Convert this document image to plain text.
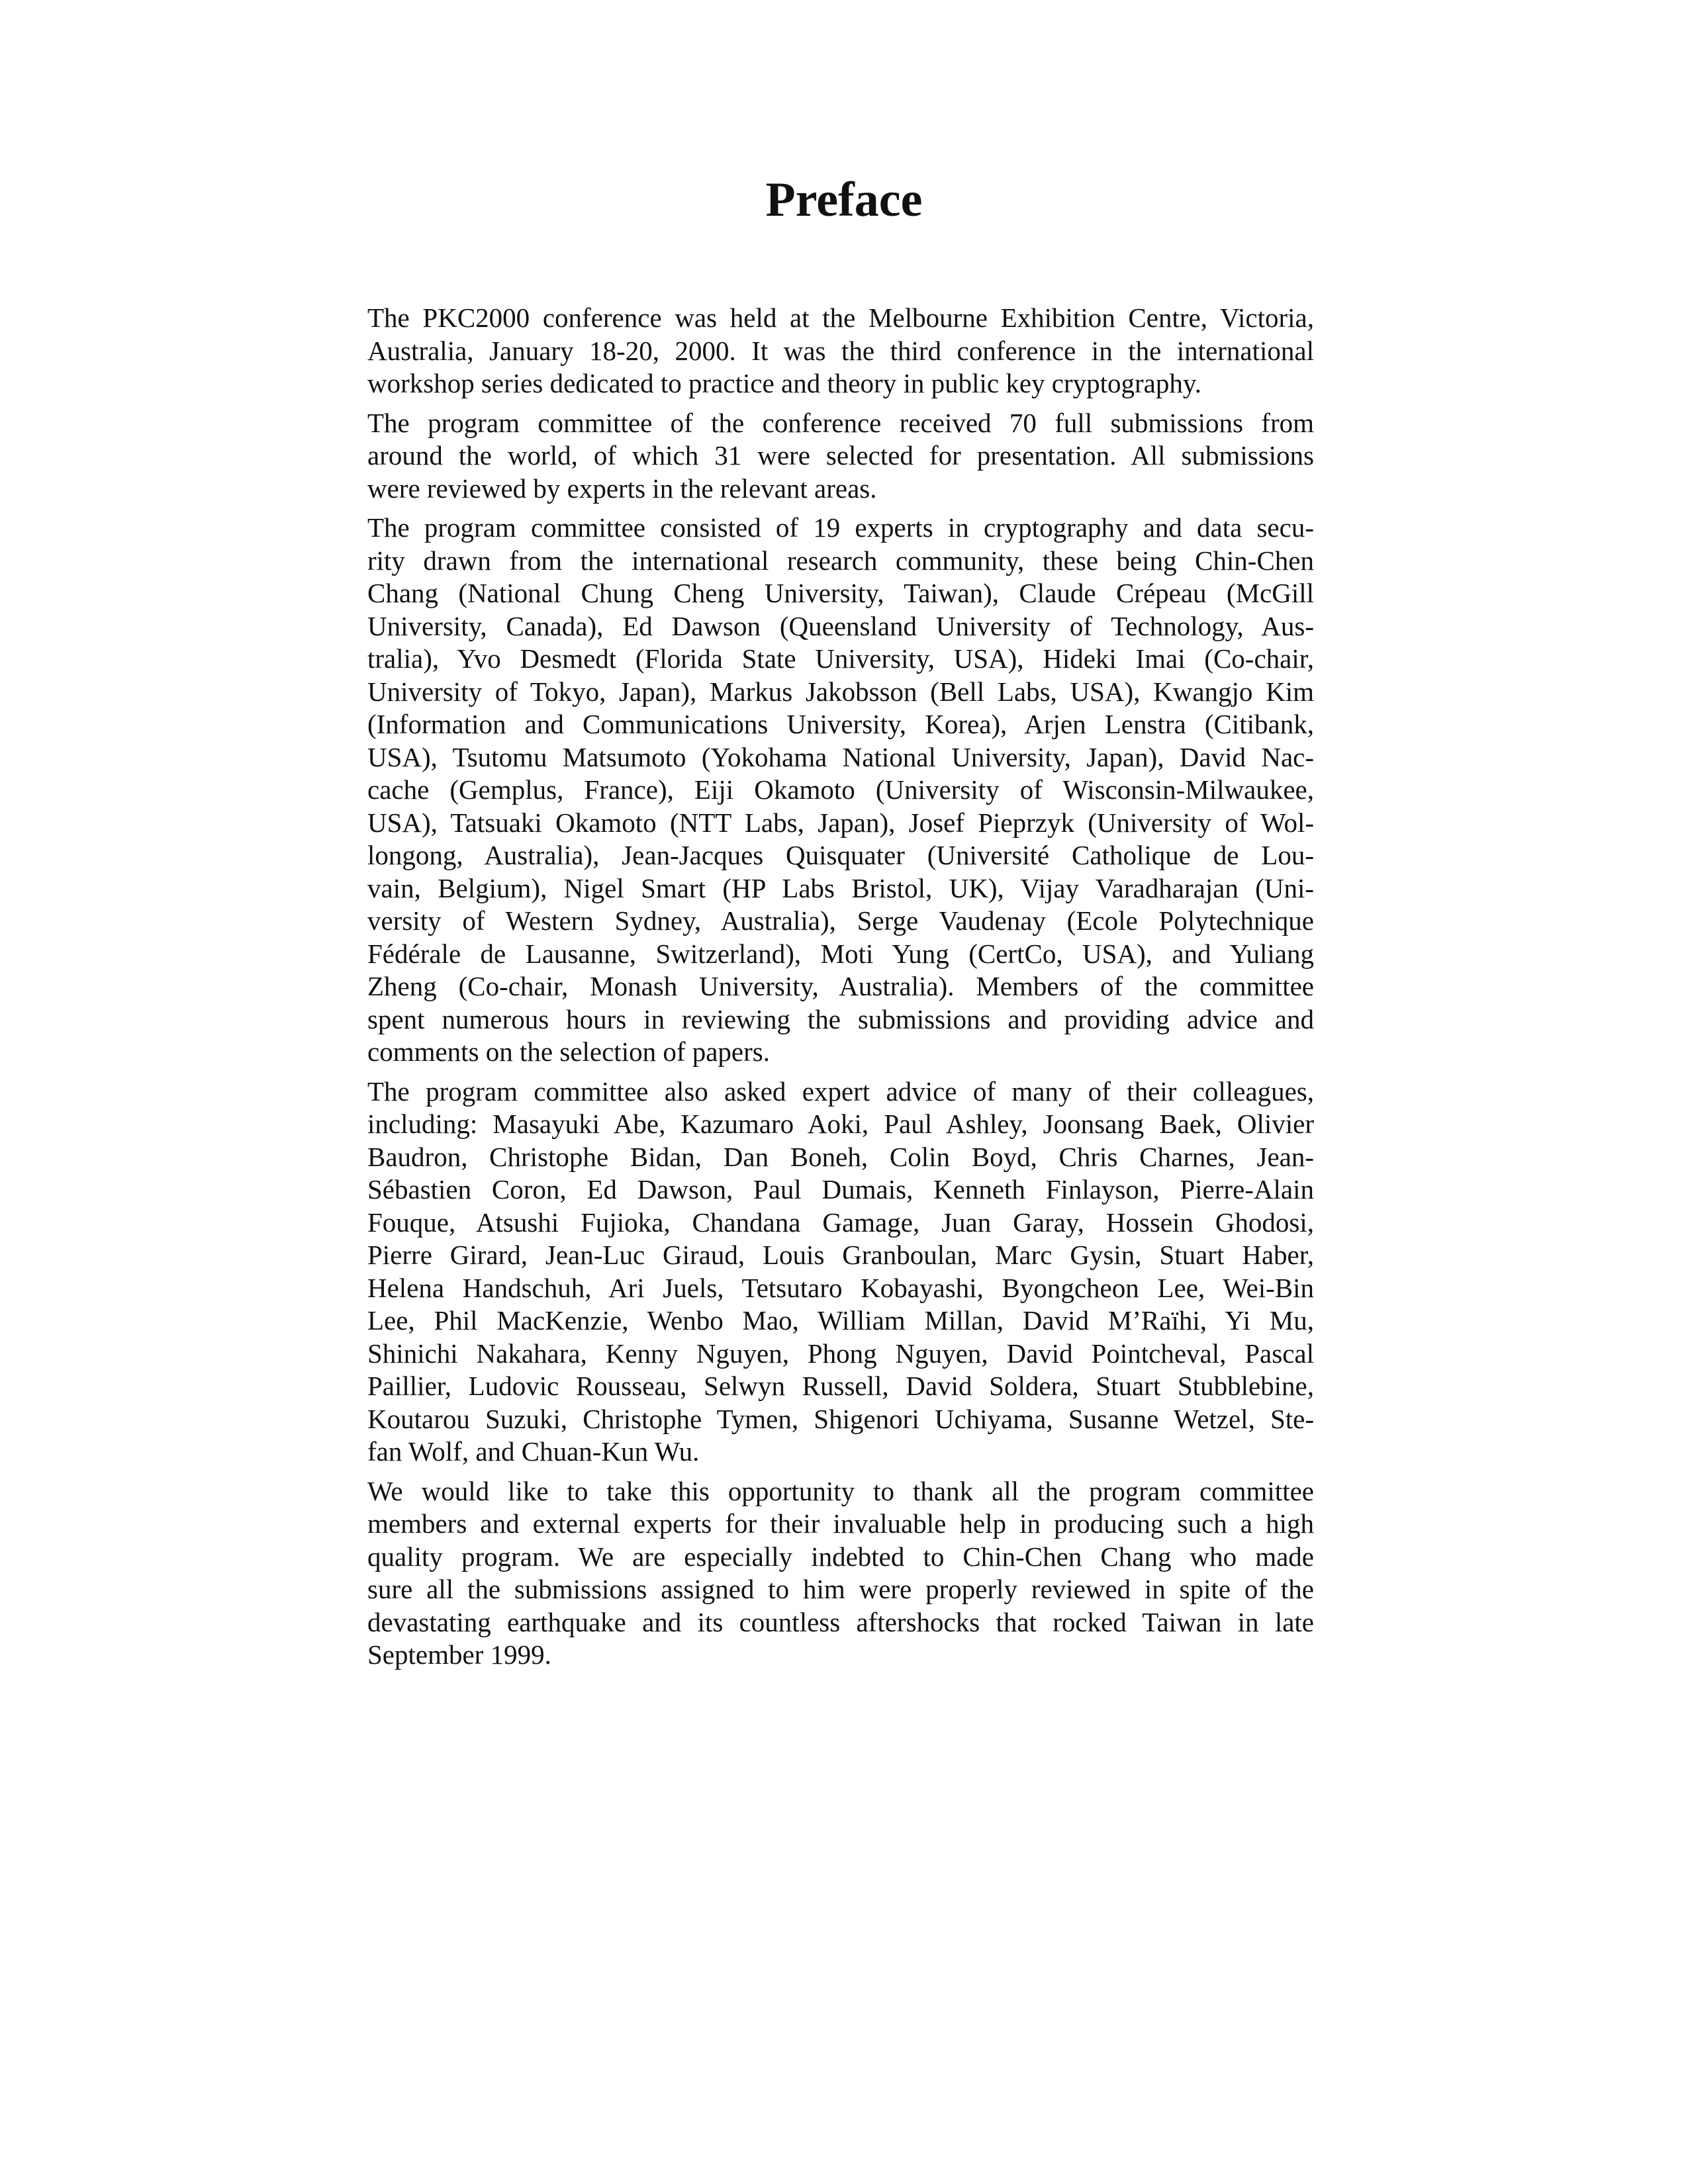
Preface
The PKC2000 conference was held at the Melbourne Exhibition Centre, Victoria,
Australia, January 18-20, 2000. It was the third conference in the international
workshop series dedicated to practice and theory in public key cryptography.
The program committee of the conference received 70 full submissions from
around the world, of which 31 were selected for presentation. All submissions
were reviewed by experts in the relevant areas.
The program committee consisted of 19 experts in cryptography and data secu-
rity drawn from the international research community, these being Chin-Chen
Chang (National Chung Cheng University, Taiwan), Claude Crépeau (McGill
University, Canada), Ed Dawson (Queensland University of Technology, Aus-
tralia), Yvo Desmedt (Florida State University, USA), Hideki Imai (Co-chair,
University of Tokyo, Japan), Markus Jakobsson (Bell Labs, USA), Kwangjo Kim
(Information and Communications University, Korea), Arjen Lenstra (Citibank,
USA), Tsutomu Matsumoto (Yokohama National University, Japan), David Nac-
cache (Gemplus, France), Eiji Okamoto (University of Wisconsin-Milwaukee,
USA), Tatsuaki Okamoto (NTT Labs, Japan), Josef Pieprzyk (University of Wol-
longong, Australia), Jean-Jacques Quisquater (Université Catholique de Lou-
vain, Belgium), Nigel Smart (HP Labs Bristol, UK), Vijay Varadharajan (Uni-
versity of Western Sydney, Australia), Serge Vaudenay (Ecole Polytechnique
Fédérale de Lausanne, Switzerland), Moti Yung (CertCo, USA), and Yuliang
Zheng (Co-chair, Monash University, Australia). Members of the committee
spent numerous hours in reviewing the submissions and providing advice and
comments on the selection of papers.
The program committee also asked expert advice of many of their colleagues,
including: Masayuki Abe, Kazumaro Aoki, Paul Ashley, Joonsang Baek, Olivier
Baudron, Christophe Bidan, Dan Boneh, Colin Boyd, Chris Charnes, Jean-
Sébastien Coron, Ed Dawson, Paul Dumais, Kenneth Finlayson, Pierre-Alain
Fouque, Atsushi Fujioka, Chandana Gamage, Juan Garay, Hossein Ghodosi,
Pierre Girard, Jean-Luc Giraud, Louis Granboulan, Marc Gysin, Stuart Haber,
Helena Handschuh, Ari Juels, Tetsutaro Kobayashi, Byongcheon Lee, Wei-Bin
Lee, Phil MacKenzie, Wenbo Mao, William Millan, David M’Raïhi, Yi Mu,
Shinichi Nakahara, Kenny Nguyen, Phong Nguyen, David Pointcheval, Pascal
Paillier, Ludovic Rousseau, Selwyn Russell, David Soldera, Stuart Stubblebine,
Koutarou Suzuki, Christophe Tymen, Shigenori Uchiyama, Susanne Wetzel, Ste-
fan Wolf, and Chuan-Kun Wu.
We would like to take this opportunity to thank all the program committee
members and external experts for their invaluable help in producing such a high
quality program. We are especially indebted to Chin-Chen Chang who made
sure all the submissions assigned to him were properly reviewed in spite of the
devastating earthquake and its countless aftershocks that rocked Taiwan in late
September 1999.
